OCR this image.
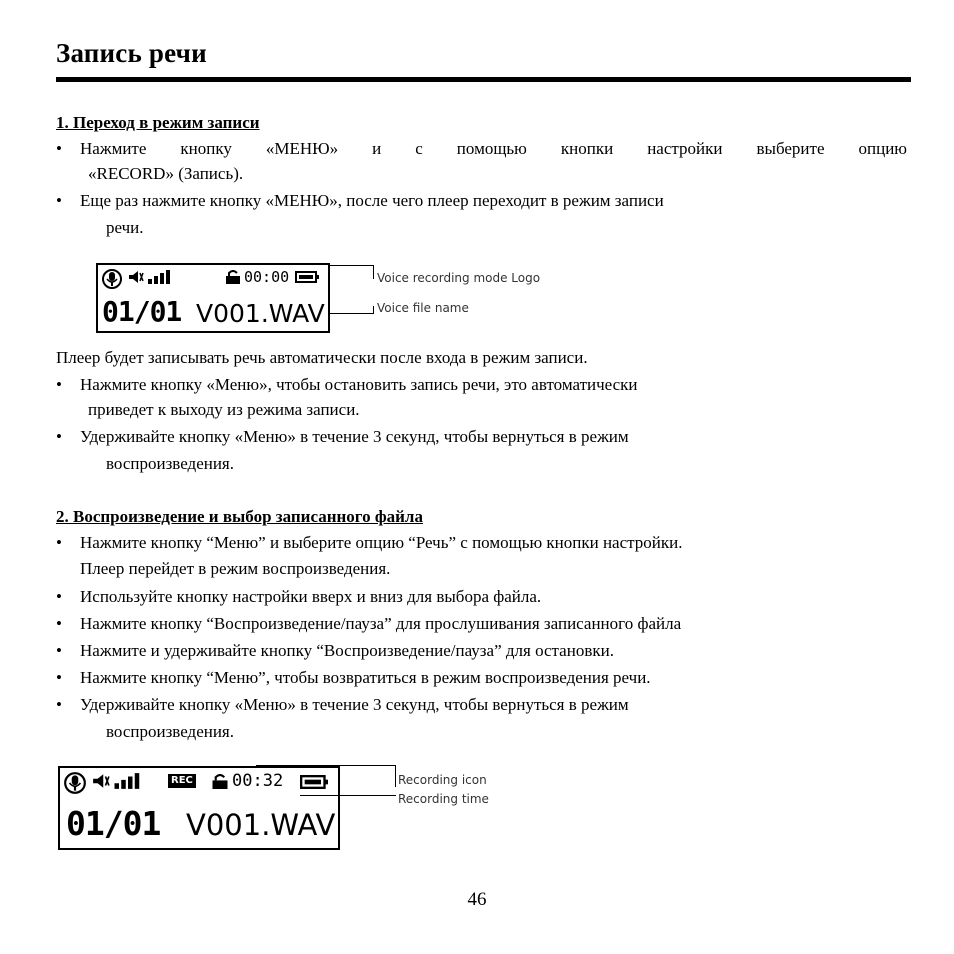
Запись речи
1. Переход в режим записи
• Нажмите кнопку «МЕНЮ» и с помощью кнопки настройки выберите опцию
«RECORD» (Запись).
• Еще раз нажмите кнопку «МЕНЮ», после чего плеер переходит в режим записи
речи.
00:00
01/01 V001.WAV
Voice recording mode Logo
Voice file name
Плеер будет записывать речь автоматически после входа в режим записи.
• Нажмите кнопку «Меню», чтобы остановить запись речи, это автоматически
приведет к выходу из режима записи.
• Удерживайте кнопку «Меню» в течение 3 секунд, чтобы вернуться в режим
воспроизведения.
2. Воспроизведение и выбор записанного файла
• Нажмите кнопку “Меню” и выберите опцию “Речь” с помощью кнопки настройки.
Плеер перейдет в режим воспроизведения.
• Используйте кнопку настройки вверх и вниз для выбора файла.
• Нажмите кнопку “Воспроизведение/пауза” для прослушивания записанного файла
• Нажмите и удерживайте кнопку “Воспроизведение/пауза” для остановки.
• Нажмите кнопку “Меню”, чтобы возвратиться в режим воспроизведения речи.
• Удерживайте кнопку «Меню» в течение 3 секунд, чтобы вернуться в режим
воспроизведения.
REC 00:32
01/01 V001.WAV
Recording icon
Recording time
46
